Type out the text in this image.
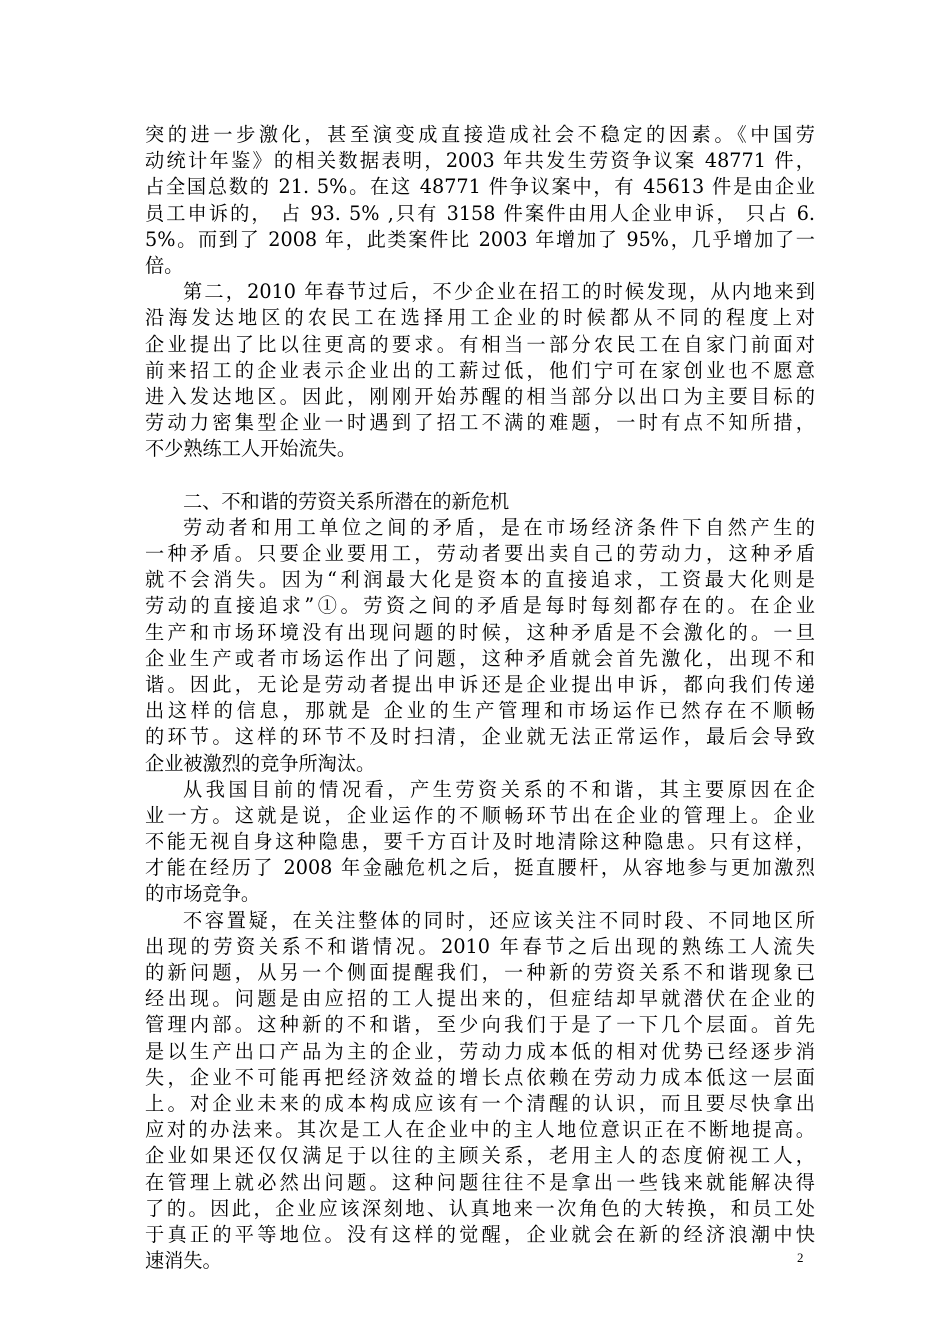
突的进一步激化，甚至演变成直接造成社会不稳定的因素。《中国劳
动统计年鉴》的相关数据表明，2003 年共发生劳资争议案 48771 件，
占全国总数的 21. 5%。在这 48771 件争议案中，有 45613 件是由企业
员工申诉的， 占 93. 5% ,只有 3158 件案件由用人企业申诉， 只占 6.
5%。而到了 2008 年，此类案件比 2003 年增加了 95%，几乎增加了一
倍。
第二，2010 年春节过后，不少企业在招工的时候发现，从内地来到
沿海发达地区的农民工在选择用工企业的时候都从不同的程度上对
企业提出了比以往更高的要求。有相当一部分农民工在自家门前面对
前来招工的企业表示企业出的工薪过低，他们宁可在家创业也不愿意
进入发达地区。因此，刚刚开始苏醒的相当部分以出口为主要目标的
劳动力密集型企业一时遇到了招工不满的难题，一时有点不知所措，
不少熟练工人开始流失。
二、不和谐的劳资关系所潜在的新危机
劳动者和用工单位之间的矛盾，是在市场经济条件下自然产生的
一种矛盾。只要企业要用工，劳动者要出卖自己的劳动力，这种矛盾
就不会消失。因为“利润最大化是资本的直接追求，工资最大化则是
劳动的直接追求”①。劳资之间的矛盾是每时每刻都存在的。在企业
生产和市场环境没有出现问题的时候，这种矛盾是不会激化的。一旦
企业生产或者市场运作出了问题，这种矛盾就会首先激化，出现不和
谐。因此，无论是劳动者提出申诉还是企业提出申诉，都向我们传递
出这样的信息，那就是 企业的生产管理和市场运作已然存在不顺畅
的环节。这样的环节不及时扫清，企业就无法正常运作，最后会导致
企业被激烈的竞争所淘汰。
从我国目前的情况看，产生劳资关系的不和谐，其主要原因在企
业一方。这就是说，企业运作的不顺畅环节出在企业的管理上。企业
不能无视自身这种隐患，要千方百计及时地清除这种隐患。只有这样，
才能在经历了 2008 年金融危机之后，挺直腰杆，从容地参与更加激烈
的市场竞争。
不容置疑，在关注整体的同时，还应该关注不同时段、不同地区所
出现的劳资关系不和谐情况。2010 年春节之后出现的熟练工人流失
的新问题，从另一个侧面提醒我们，一种新的劳资关系不和谐现象已
经出现。问题是由应招的工人提出来的，但症结却早就潜伏在企业的
管理内部。这种新的不和谐，至少向我们于是了一下几个层面。首先
是以生产出口产品为主的企业，劳动力成本低的相对优势已经逐步消
失，企业不可能再把经济效益的增长点依赖在劳动力成本低这一层面
上。对企业未来的成本构成应该有一个清醒的认识，而且要尽快拿出
应对的办法来。其次是工人在企业中的主人地位意识正在不断地提高。
企业如果还仅仅满足于以往的主顾关系，老用主人的态度俯视工人，
在管理上就必然出问题。这种问题往往不是拿出一些钱来就能解决得
了的。因此，企业应该深刻地、认真地来一次角色的大转换，和员工处
于真正的平等地位。没有这样的觉醒，企业就会在新的经济浪潮中快
速消失。	2
